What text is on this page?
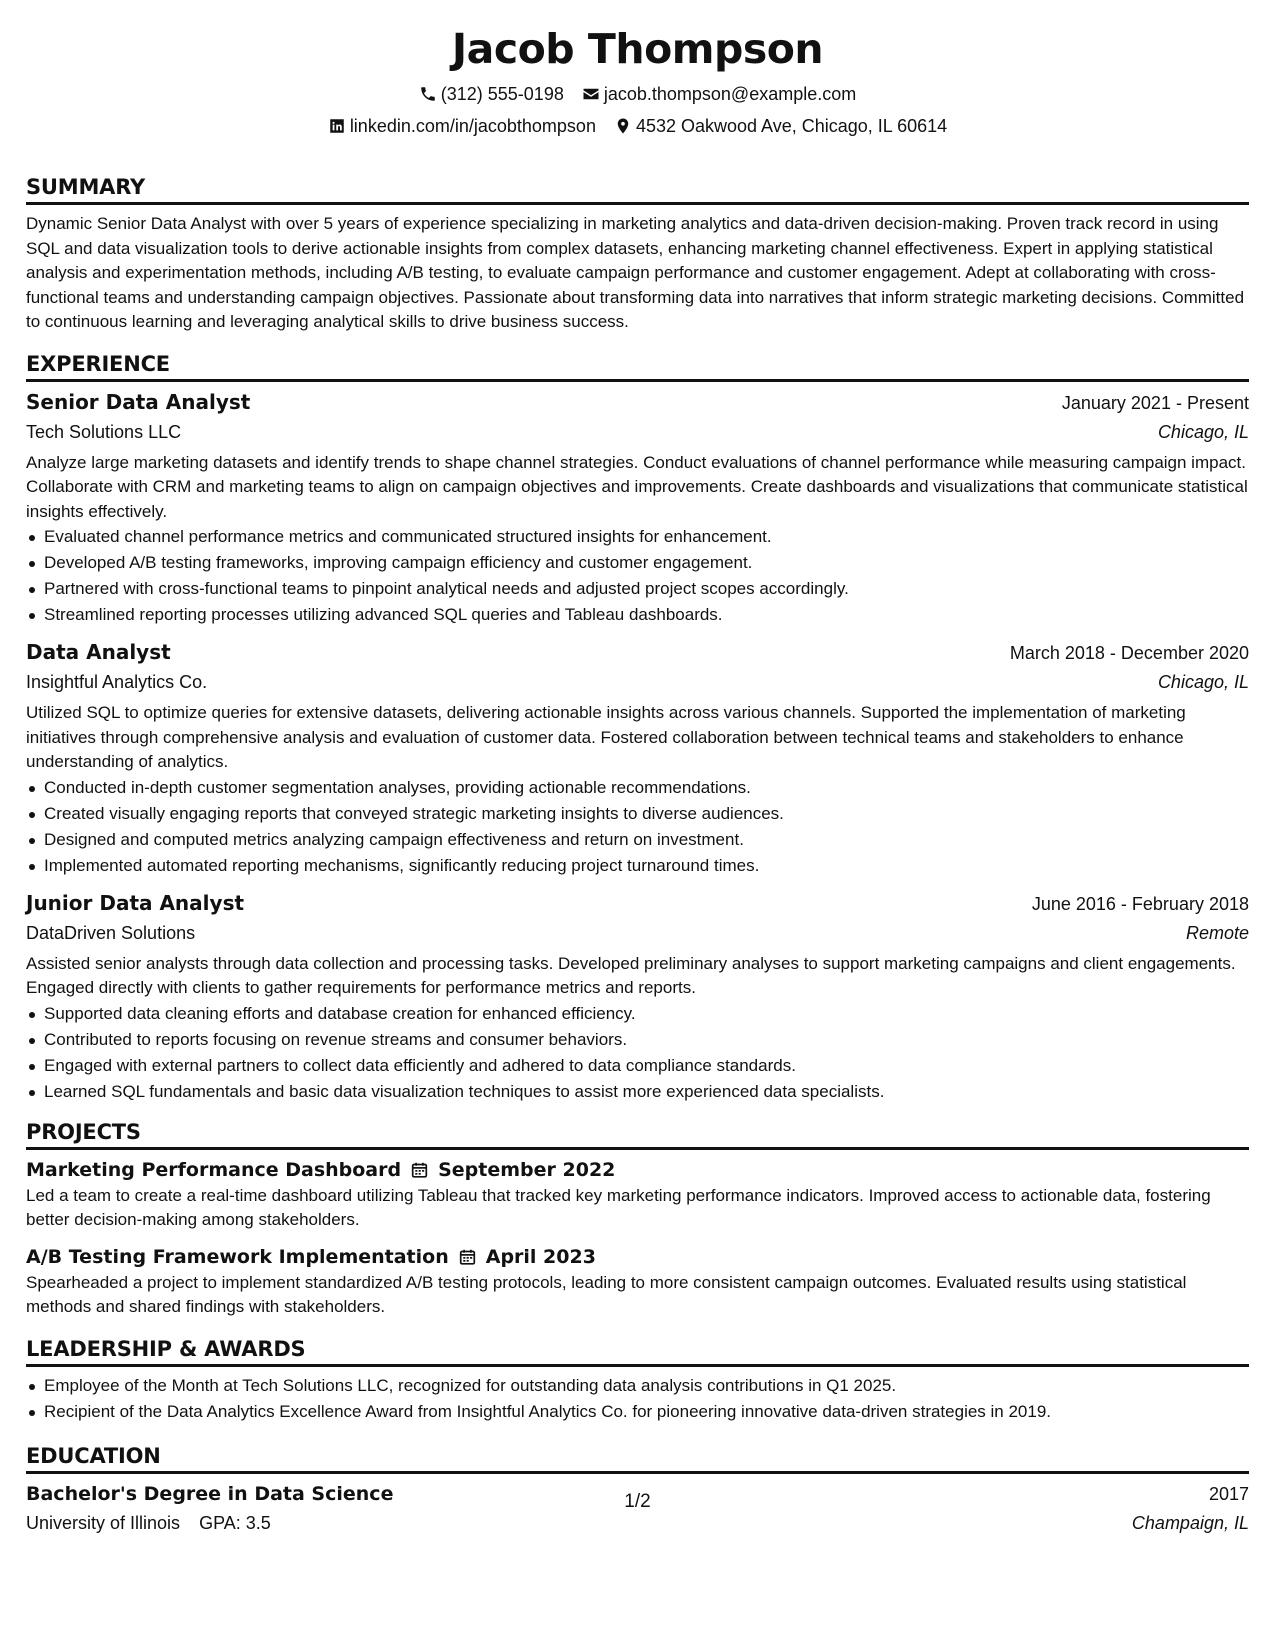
Jacob Thompson
(312) 555-0198 jacob.thompson@example.com
linkedin.com/in/jacobthompson 4532 Oakwood Ave, Chicago, IL 60614
SUMMARY
Dynamic Senior Data Analyst with over 5 years of experience specializing in marketing analytics and data-driven decision-making. Proven track record in using SQL and data visualization tools to derive actionable insights from complex datasets, enhancing marketing channel effectiveness. Expert in applying statistical analysis and experimentation methods, including A/B testing, to evaluate campaign performance and customer engagement. Adept at collaborating with cross-functional teams and understanding campaign objectives. Passionate about transforming data into narratives that inform strategic marketing decisions. Committed to continuous learning and leveraging analytical skills to drive business success.
EXPERIENCE
Senior Data Analyst	January 2021 - Present
Tech Solutions LLC	Chicago, IL
Analyze large marketing datasets and identify trends to shape channel strategies. Conduct evaluations of channel performance while measuring campaign impact. Collaborate with CRM and marketing teams to align on campaign objectives and improvements. Create dashboards and visualizations that communicate statistical insights effectively.
Evaluated channel performance metrics and communicated structured insights for enhancement.
Developed A/B testing frameworks, improving campaign efficiency and customer engagement.
Partnered with cross-functional teams to pinpoint analytical needs and adjusted project scopes accordingly.
Streamlined reporting processes utilizing advanced SQL queries and Tableau dashboards.
Data Analyst	March 2018 - December 2020
Insightful Analytics Co.	Chicago, IL
Utilized SQL to optimize queries for extensive datasets, delivering actionable insights across various channels. Supported the implementation of marketing initiatives through comprehensive analysis and evaluation of customer data. Fostered collaboration between technical teams and stakeholders to enhance understanding of analytics.
Conducted in-depth customer segmentation analyses, providing actionable recommendations.
Created visually engaging reports that conveyed strategic marketing insights to diverse audiences.
Designed and computed metrics analyzing campaign effectiveness and return on investment.
Implemented automated reporting mechanisms, significantly reducing project turnaround times.
Junior Data Analyst	June 2016 - February 2018
DataDriven Solutions	Remote
Assisted senior analysts through data collection and processing tasks. Developed preliminary analyses to support marketing campaigns and client engagements. Engaged directly with clients to gather requirements for performance metrics and reports.
Supported data cleaning efforts and database creation for enhanced efficiency.
Contributed to reports focusing on revenue streams and consumer behaviors.
Engaged with external partners to collect data efficiently and adhered to data compliance standards.
Learned SQL fundamentals and basic data visualization techniques to assist more experienced data specialists.
PROJECTS
Marketing Performance Dashboard September 2022
Led a team to create a real-time dashboard utilizing Tableau that tracked key marketing performance indicators. Improved access to actionable data, fostering better decision-making among stakeholders.
A/B Testing Framework Implementation April 2023
Spearheaded a project to implement standardized A/B testing protocols, leading to more consistent campaign outcomes. Evaluated results using statistical methods and shared findings with stakeholders.
LEADERSHIP & AWARDS
Employee of the Month at Tech Solutions LLC, recognized for outstanding data analysis contributions in Q1 2025.
Recipient of the Data Analytics Excellence Award from Insightful Analytics Co. for pioneering innovative data-driven strategies in 2019.
EDUCATION
Bachelor's Degree in Data Science	2017
University of Illinois GPA: 3.5	Champaign, IL
1/2
